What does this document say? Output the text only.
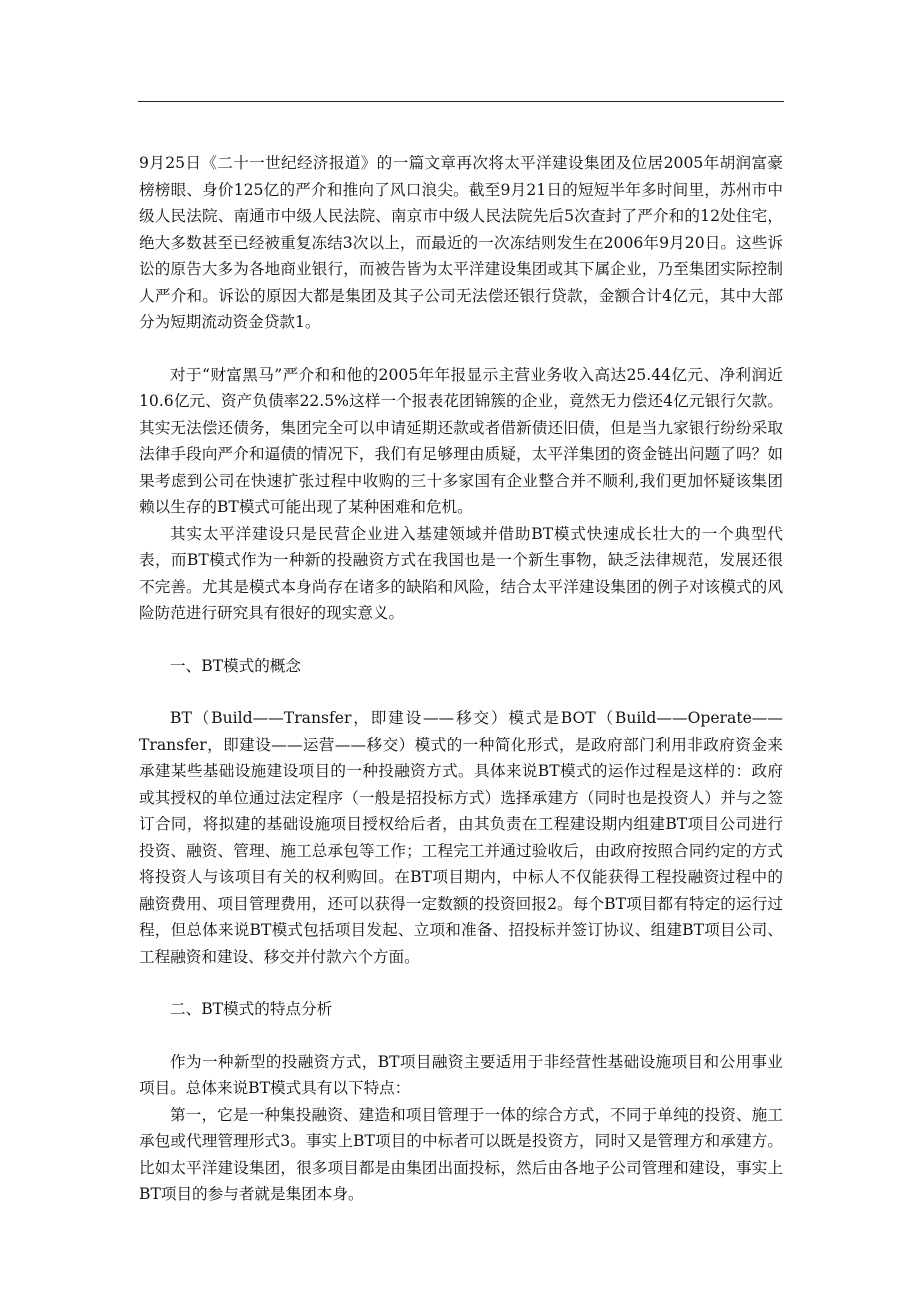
9月25日《二十一世纪经济报道》的一篇文章再次将太平洋建设集团及位居2005年胡润富豪榜榜眼、身价125亿的严介和推向了风口浪尖。截至9月21日的短短半年多时间里，苏州市中级人民法院、南通市中级人民法院、南京市中级人民法院先后5次查封了严介和的12处住宅，绝大多数甚至已经被重复冻结3次以上，而最近的一次冻结则发生在2006年9月20日。这些诉讼的原告大多为各地商业银行，而被告皆为太平洋建设集团或其下属企业，乃至集团实际控制人严介和。诉讼的原因大都是集团及其子公司无法偿还银行贷款，金额合计4亿元，其中大部分为短期流动资金贷款1。

对于“财富黑马”严介和和他的2005年年报显示主营业务收入高达25.44亿元、净利润近10.6亿元、资产负债率22.5%这样一个报表花团锦簇的企业，竟然无力偿还4亿元银行欠款。其实无法偿还债务，集团完全可以申请延期还款或者借新债还旧债，但是当九家银行纷纷采取法律手段向严介和逼债的情况下，我们有足够理由质疑，太平洋集团的资金链出问题了吗？如果考虑到公司在快速扩张过程中收购的三十多家国有企业整合并不顺利,我们更加怀疑该集团赖以生存的BT模式可能出现了某种困难和危机。

其实太平洋建设只是民营企业进入基建领域并借助BT模式快速成长壮大的一个典型代表，而BT模式作为一种新的投融资方式在我国也是一个新生事物，缺乏法律规范，发展还很不完善。尤其是模式本身尚存在诸多的缺陷和风险，结合太平洋建设集团的例子对该模式的风险防范进行研究具有很好的现实意义。

一、BT模式的概念

BT（Build——Transfer，即建设——移交）模式是BOT（Build——Operate——Transfer，即建设——运营——移交）模式的一种简化形式，是政府部门利用非政府资金来承建某些基础设施建设项目的一种投融资方式。具体来说BT模式的运作过程是这样的：政府或其授权的单位通过法定程序（一般是招投标方式）选择承建方（同时也是投资人）并与之签订合同，将拟建的基础设施项目授权给后者，由其负责在工程建设期内组建BT项目公司进行投资、融资、管理、施工总承包等工作；工程完工并通过验收后，由政府按照合同约定的方式将投资人与该项目有关的权利购回。在BT项目期内，中标人不仅能获得工程投融资过程中的融资费用、项目管理费用，还可以获得一定数额的投资回报2。每个BT项目都有特定的运行过程，但总体来说BT模式包括项目发起、立项和准备、招投标并签订协议、组建BT项目公司、工程融资和建设、移交并付款六个方面。

二、BT模式的特点分析

作为一种新型的投融资方式，BT项目融资主要适用于非经营性基础设施项目和公用事业项目。总体来说BT模式具有以下特点：

第一，它是一种集投融资、建造和项目管理于一体的综合方式，不同于单纯的投资、施工承包或代理管理形式3。事实上BT项目的中标者可以既是投资方，同时又是管理方和承建方。比如太平洋建设集团，很多项目都是由集团出面投标，然后由各地子公司管理和建设，事实上BT项目的参与者就是集团本身。
